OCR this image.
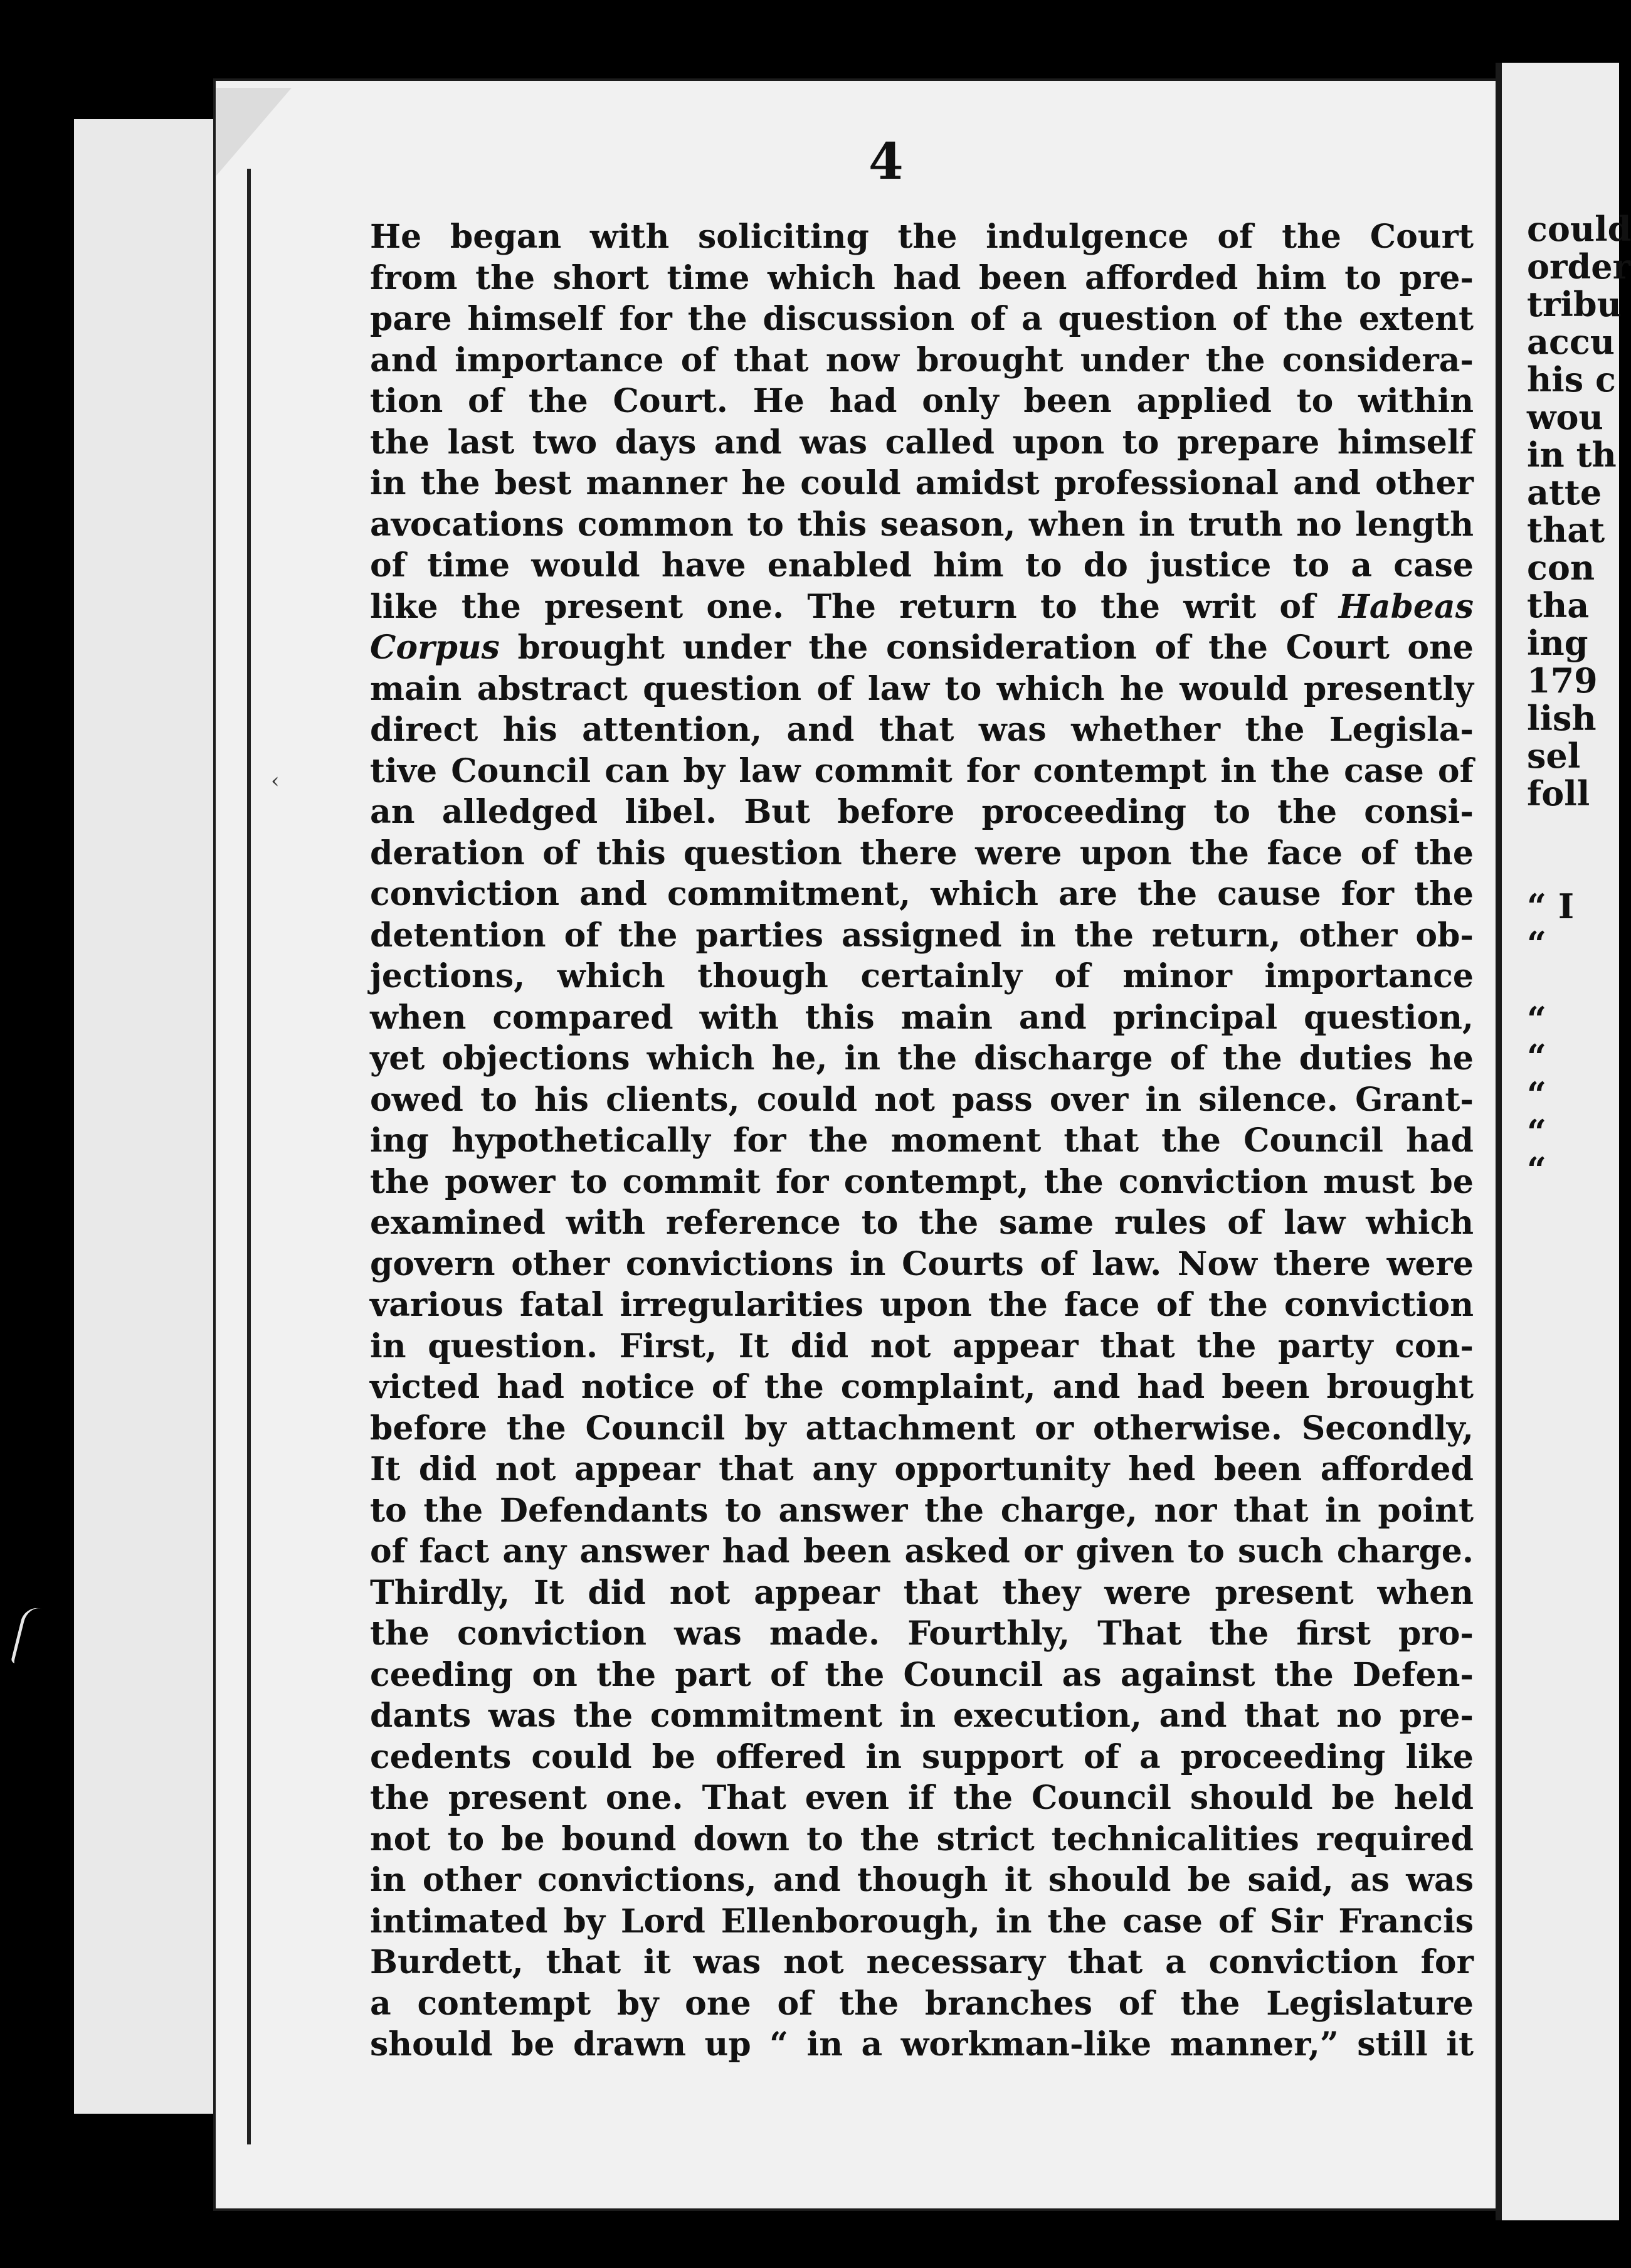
‹
4
He began with soliciting the indulgence of the Court
from the short time which had been afforded him to pre-
pare himself for the discussion of a question of the extent
and importance of that now brought under the considera-
tion of the Court. He had only been applied to within
the last two days and was called upon to prepare himself
in the best manner he could amidst professional and other
avocations common to this season, when in truth no length
of time would have enabled him to do justice to a case
like the present one. The return to the writ of Habeas
Corpus brought under the consideration of the Court one
main abstract question of law to which he would presently
direct his attention, and that was whether the Legisla-
tive Council can by law commit for contempt in the case of
an alledged libel. But before proceeding to the consi-
deration of this question there were upon the face of the
conviction and commitment, which are the cause for the
detention of the parties assigned in the return, other ob-
jections, which though certainly of minor importance
when compared with this main and principal question,
yet objections which he, in the discharge of the duties he
owed to his clients, could not pass over in silence. Grant-
ing hypothetically for the moment that the Council had
the power to commit for contempt, the conviction must be
examined with reference to the same rules of law which
govern other convictions in Courts of law. Now there were
various fatal irregularities upon the face of the conviction
in question. First, It did not appear that the party con-
victed had notice of the complaint, and had been brought
before the Council by attachment or otherwise. Secondly,
It did not appear that any opportunity hed been afforded
to the Defendants to answer the charge, nor that in point
of fact any answer had been asked or given to such charge.
Thirdly, It did not appear that they were present when
the conviction was made. Fourthly, That the first pro-
ceeding on the part of the Council as against the Defen-
dants was the commitment in execution, and that no pre-
cedents could be offered in support of a proceeding like
the present one. That even if the Council should be held
not to be bound down to the strict technicalities required
in other convictions, and though it should be said, as was
intimated by Lord Ellenborough, in the case of Sir Francis
Burdett, that it was not necessary that a conviction for
a contempt by one of the branches of the Legislature
should be drawn up “ in a workman-like manner,” still it
could
order
tribu
accu
his c
wou
in th
atte
that
con
tha
ing
179
lish
sel
foll
“ I
“
“
“
“
“
“
